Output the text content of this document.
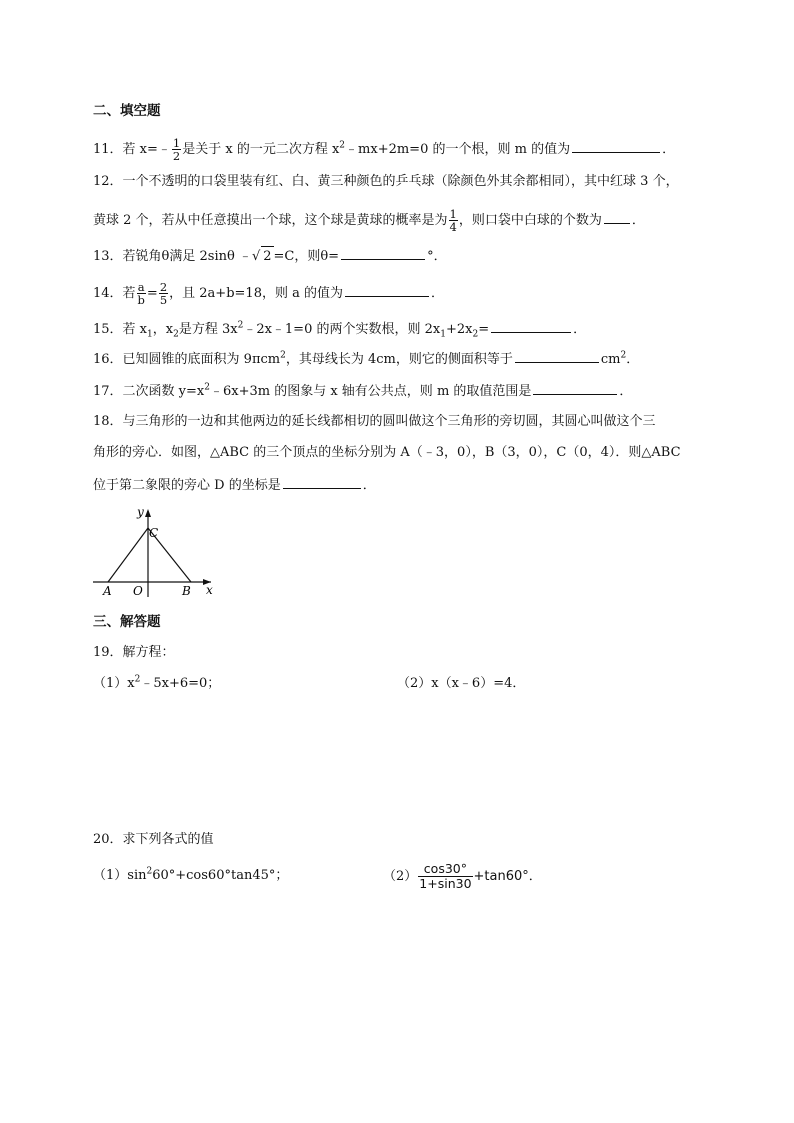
二、填空题
11．若 x=﹣ $\frac{1}{2}$ 是关于 x 的一元二次方程 $x^2﹣mx+2m=0$ 的一个根，则 m 的值为	．
12．一个不透明的口袋里装有红、白、黄三种颜色的乒乓球（除颜色外其余都相同），其中红球 3 个，
黄球 2 个，若从中任意摸出一个球，这个球是黄球的概率是为 $\frac{1}{4}$ ，则口袋中白球的个数为 ．
13．若锐角θ满足 2sinθ ﹣√ 2 =C，则θ=	°．
14．若 $\frac{a}{b} = \frac{2}{5}$ ，且 2a+b=18，则 a 的值为	．
15．若 $x_1$，$x_2$是方程 $3x^2﹣2x﹣1=0$ 的两个实数根，则 $2x_1+2x_2=$	．
16．已知圆锥的底面积为 9πcm$^2$，其母线长为 4cm，则它的侧面积等于	$cm^2$．
17．二次函数 $y=x^2﹣6x+3m$ 的图象与 x 轴有公共点，则 m 的取值范围是	．
18．与三角形的一边和其他两边的延长线都相切的圆叫做这个三角形的旁切圆，其圆心叫做这个三
角形的旁心．如图，△ABC 的三个顶点的坐标分别为 A（﹣3，0），B（3，0），C（0，4）．则△ABC
位于第二象限的旁心 D 的坐标是	．
y
x
C
A O	B
三、解答题
19．解方程：
$(1)x^2﹣5x+6=0$；	（2）x（x﹣6）=4．
20．求下列各式的值
$(1)\sin^260^\circ+\cos 60^\circ\tan 45^\circ$；	$(2) \frac{\cos 30^\circ}{1+\sin 30} +\tan 60^\circ$．
